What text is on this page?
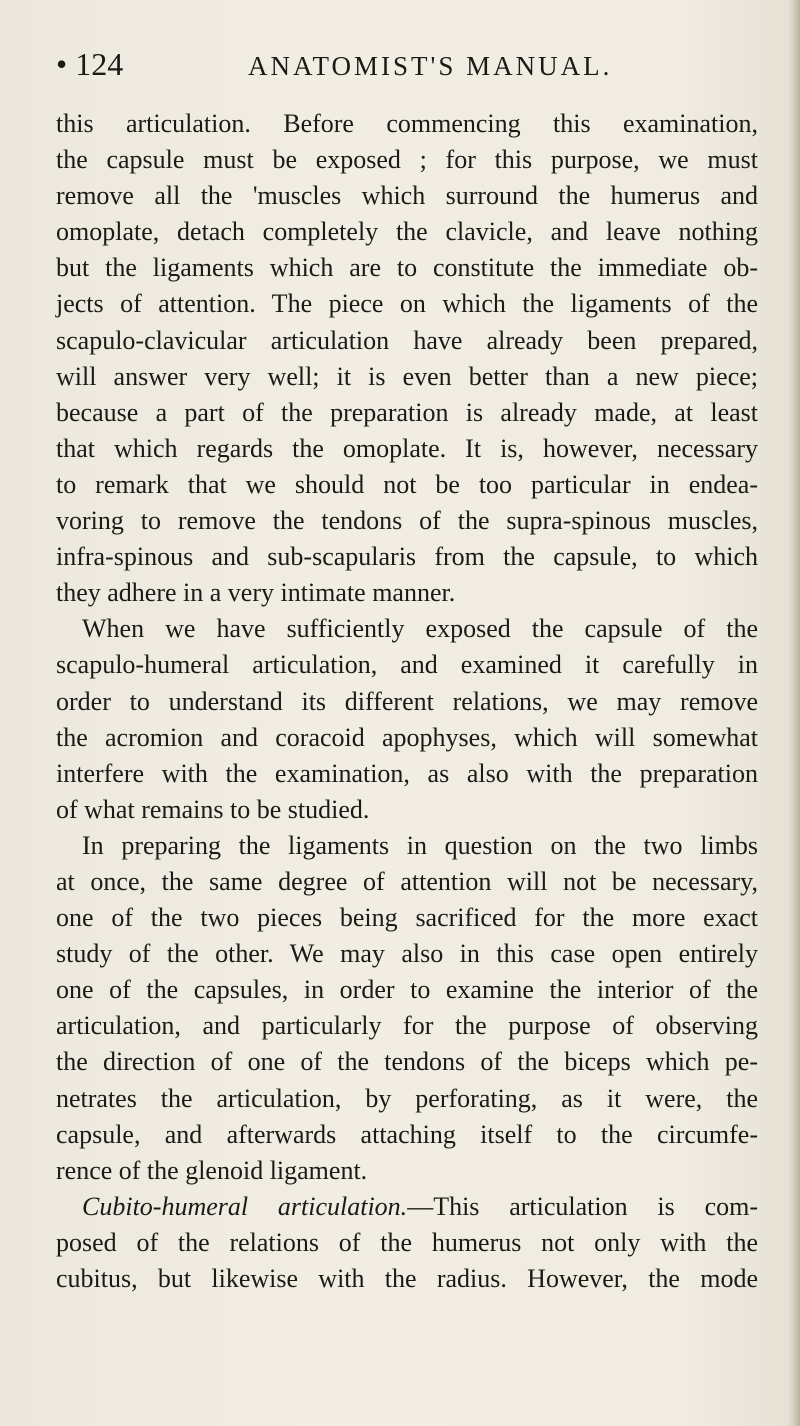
• 124	ANATOMIST'S MANUAL.
this articulation. Before commencing this examination,
the capsule must be exposed ; for this purpose, we must
remove all the 'muscles which surround the humerus and
omoplate, detach completely the clavicle, and leave nothing
but the ligaments which are to constitute the immediate ob-
jects of attention. The piece on which the ligaments of the
scapulo-clavicular articulation have already been prepared,
will answer very well; it is even better than a new piece;
because a part of the preparation is already made, at least
that which regards the omoplate. It is, however, necessary
to remark that we should not be too particular in endea-
voring to remove the tendons of the supra-spinous muscles,
infra-spinous and sub-scapularis from the capsule, to which
they adhere in a very intimate manner.
When we have sufficiently exposed the capsule of the
scapulo-humeral articulation, and examined it carefully in
order to understand its different relations, we may remove
the acromion and coracoid apophyses, which will somewhat
interfere with the examination, as also with the preparation
of what remains to be studied.
In preparing the ligaments in question on the two limbs
at once, the same degree of attention will not be necessary,
one of the two pieces being sacrificed for the more exact
study of the other. We may also in this case open entirely
one of the capsules, in order to examine the interior of the
articulation, and particularly for the purpose of observing
the direction of one of the tendons of the biceps which pe-
netrates the articulation, by perforating, as it were, the
capsule, and afterwards attaching itself to the circumfe-
rence of the glenoid ligament.
Cubito-humeral articulation.—This articulation is com-
posed of the relations of the humerus not only with the
cubitus, but likewise with the radius. However, the mode
